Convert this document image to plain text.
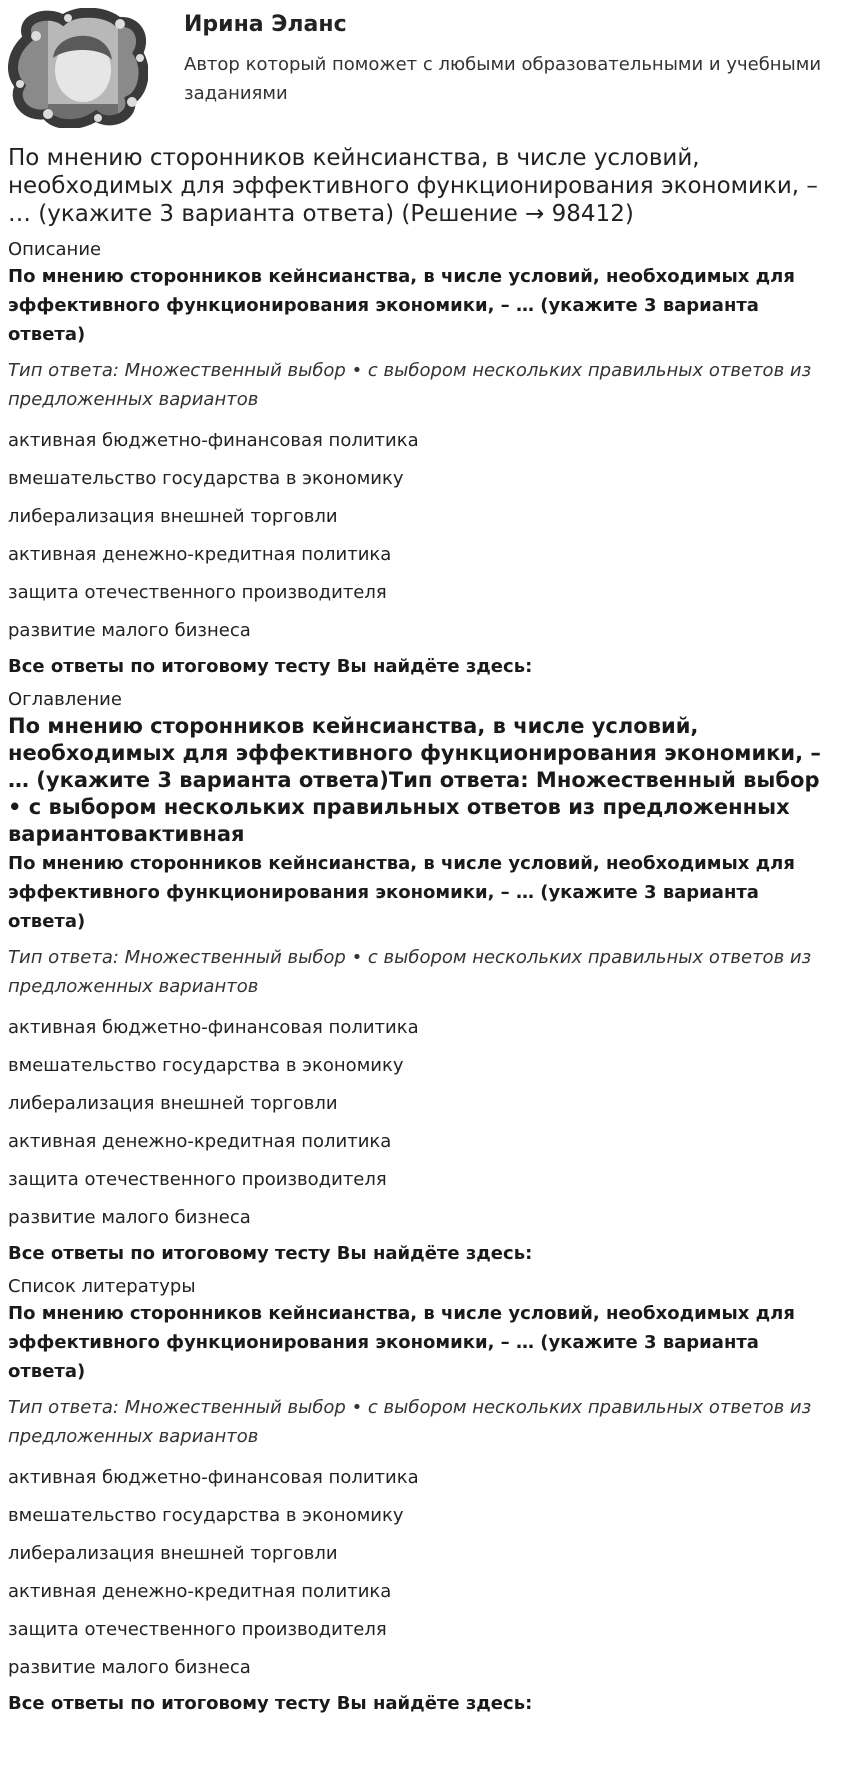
Ирина Эланс
Автор который поможет с любыми образовательными и учебными заданиями
По мнению сторонников кейнсианства, в числе условий, необходимых для эффективного функционирования экономики, – … (укажите 3 варианта ответа) (Решение → 98412)
Описание
По мнению сторонников кейнсианства, в числе условий, необходимых для эффективного функционирования экономики, – … (укажите 3 варианта ответа)
Тип ответа: Множественный выбор • с выбором нескольких правильных ответов из предложенных вариантов
активная бюджетно-финансовая политика
вмешательство государства в экономику
либерализация внешней торговли
активная денежно-кредитная политика
защита отечественного производителя
развитие малого бизнеса
Все ответы по итоговому тесту Вы найдёте здесь:
Оглавление
По мнению сторонников кейнсианства, в числе условий, необходимых для эффективного функционирования экономики, – … (укажите 3 варианта ответа)Тип ответа: Множественный выбор • с выбором нескольких правильных ответов из предложенных вариантовактивная
По мнению сторонников кейнсианства, в числе условий, необходимых для эффективного функционирования экономики, – … (укажите 3 варианта ответа)
Тип ответа: Множественный выбор • с выбором нескольких правильных ответов из предложенных вариантов
активная бюджетно-финансовая политика
вмешательство государства в экономику
либерализация внешней торговли
активная денежно-кредитная политика
защита отечественного производителя
развитие малого бизнеса
Все ответы по итоговому тесту Вы найдёте здесь:
Список литературы
По мнению сторонников кейнсианства, в числе условий, необходимых для эффективного функционирования экономики, – … (укажите 3 варианта ответа)
Тип ответа: Множественный выбор • с выбором нескольких правильных ответов из предложенных вариантов
активная бюджетно-финансовая политика
вмешательство государства в экономику
либерализация внешней торговли
активная денежно-кредитная политика
защита отечественного производителя
развитие малого бизнеса
Все ответы по итоговому тесту Вы найдёте здесь:
